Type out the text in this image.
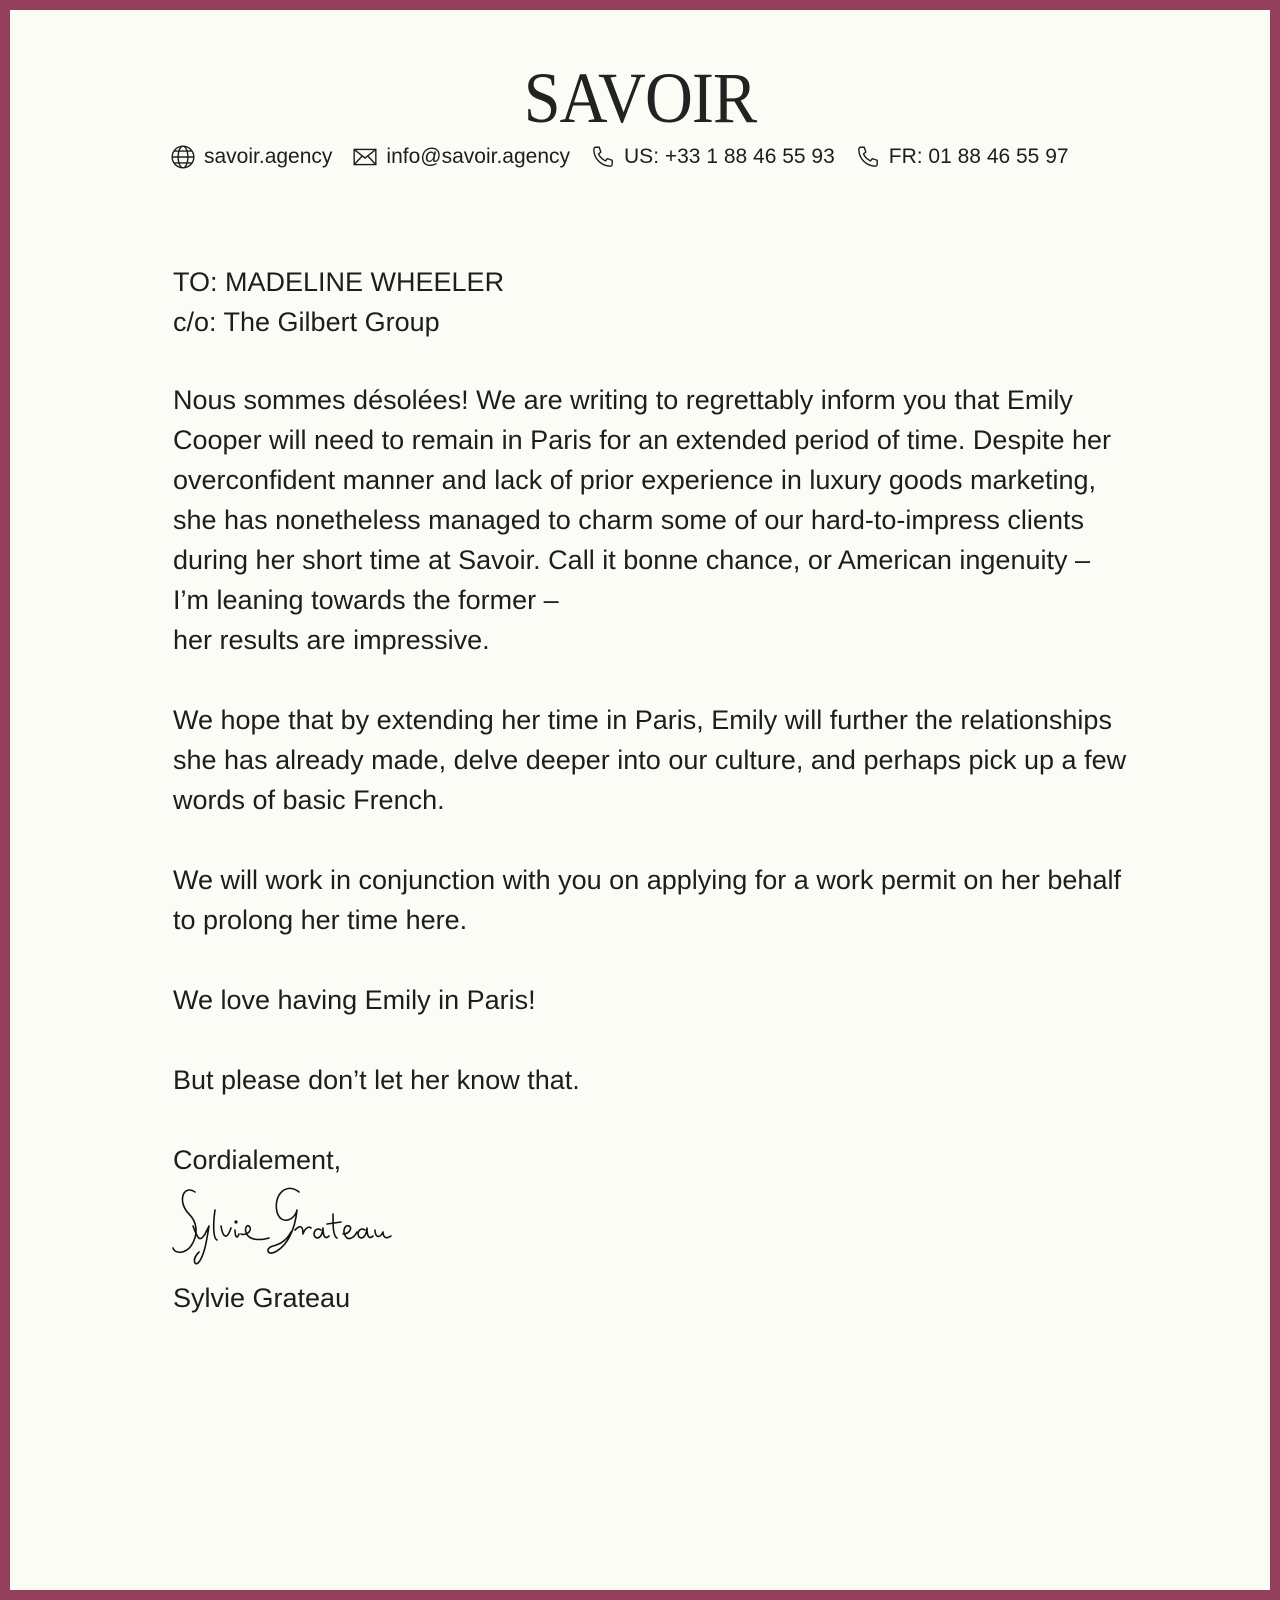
SAVOIR
savoir.agency	info@savoir.agency	US: +33 1 88 46 55 93	FR: 01 88 46 55 97
TO: MADELINE WHEELER
c/o: The Gilbert Group

Nous sommes désolées! We are writing to regrettably inform you that Emily Cooper will need to remain in Paris for an extended period of time. Despite her overconfident manner and lack of prior experience in luxury goods marketing, she has nonetheless managed to charm some of our hard-to-impress clients during her short time at Savoir. Call it bonne chance, or American ingenuity – I’m leaning towards the former –
her results are impressive.

We hope that by extending her time in Paris, Emily will further the relationships she has already made, delve deeper into our culture, and perhaps pick up a few words of basic French.

We will work in conjunction with you on applying for a work permit on her behalf to prolong her time here.

We love having Emily in Paris!

But please don’t let her know that.

Cordialement,

Sylvie Grateau
